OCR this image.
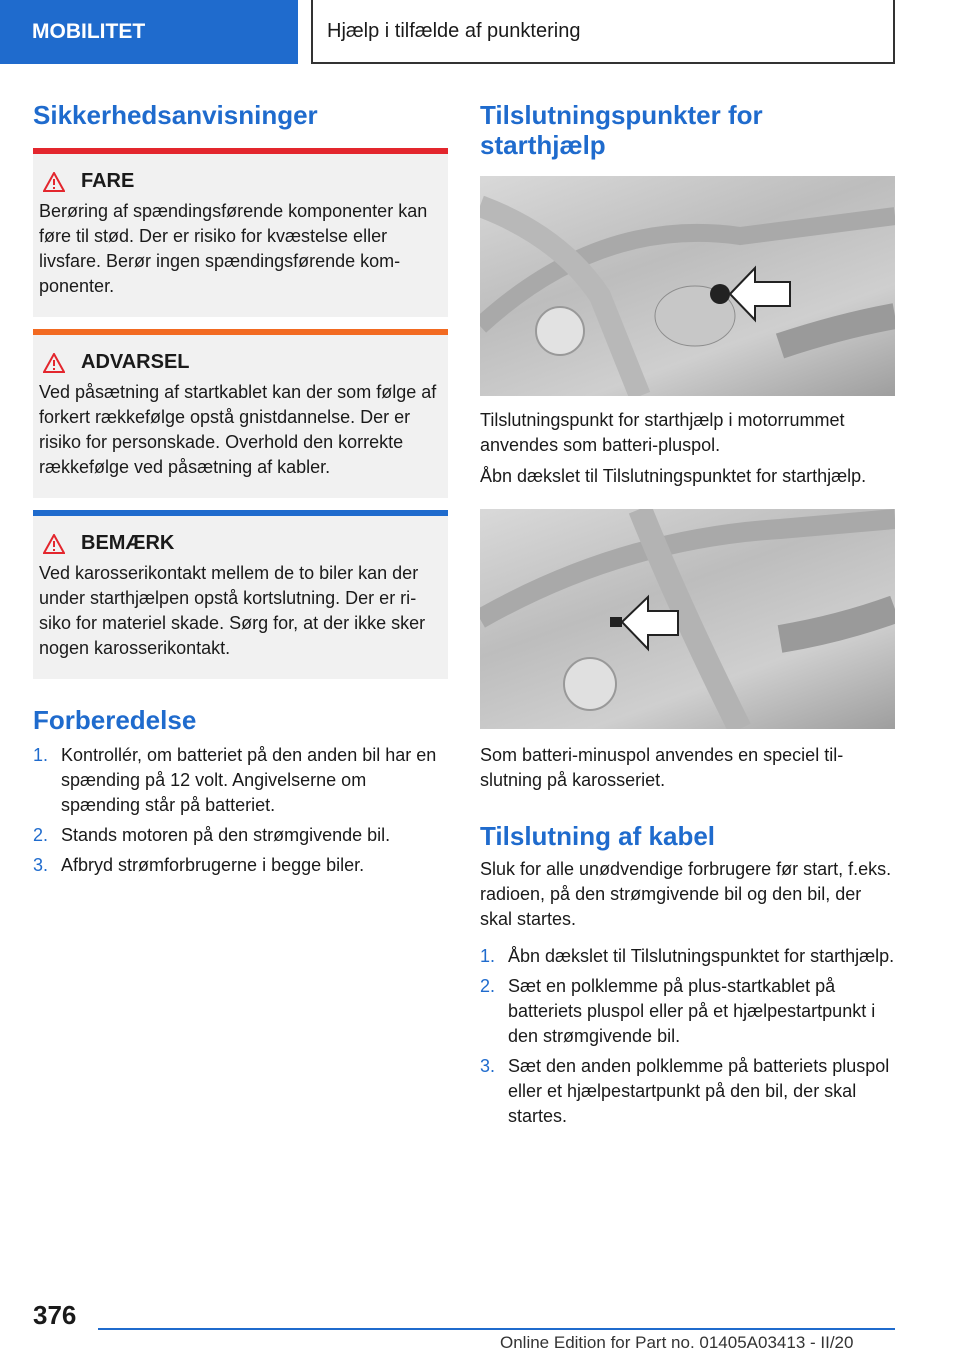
MOBILITET	Hjælp i tilfælde af punktering
Sikkerhedsanvisninger
FARE

Berøring af spændingsførende komponenter kan føre til stød. Der er risiko for kvæstelse eller livsfare. Berør ingen spændingsførende komponenter.

ADVARSEL

Ved påsætning af startkablet kan der som følge af forkert rækkefølge opstå gnistdannelse. Der er risiko for personskade. Overhold den korrekte rækkefølge ved påsætning af kabler.

BEMÆRK

Ved karosserikontakt mellem de to biler kan der under starthjælpen opstå kortslutning. Der er risiko for materiel skade. Sørg for, at der ikke sker nogen karosserikontakt.

Forberedelse
1. Kontrollér, om batteriet på den anden bil har en spænding på 12 volt. Angivelserne om spænding står på batteriet.
2. Stands motoren på den strømgivende bil.
3. Afbryd strømforbrugerne i begge biler.
Tilslutningspunkter for starthjælp

Tilslutningspunkt for starthjælp i motorrummet anvendes som batteri-pluspol.

Åbn dækslet til Tilslutningspunktet for starthjælp.

Som batteri-minuspol anvendes en speciel tilslutning på karosseriet.

Tilslutning af kabel

Sluk for alle unødvendige forbrugere før start, f.eks. radioen, på den strømgivende bil og den bil, der skal startes.

1. Åbn dækslet til Tilslutningspunktet for starthjælp.
2. Sæt en polklemme på plus-startkablet på batteriets pluspol eller på et hjælpestartpunkt i den strømgivende bil.
3. Sæt den anden polklemme på batteriets pluspol eller et hjælpestartpunkt på den bil, der skal startes.
376
Online Edition for Part no. 01405A03413 - II/20
